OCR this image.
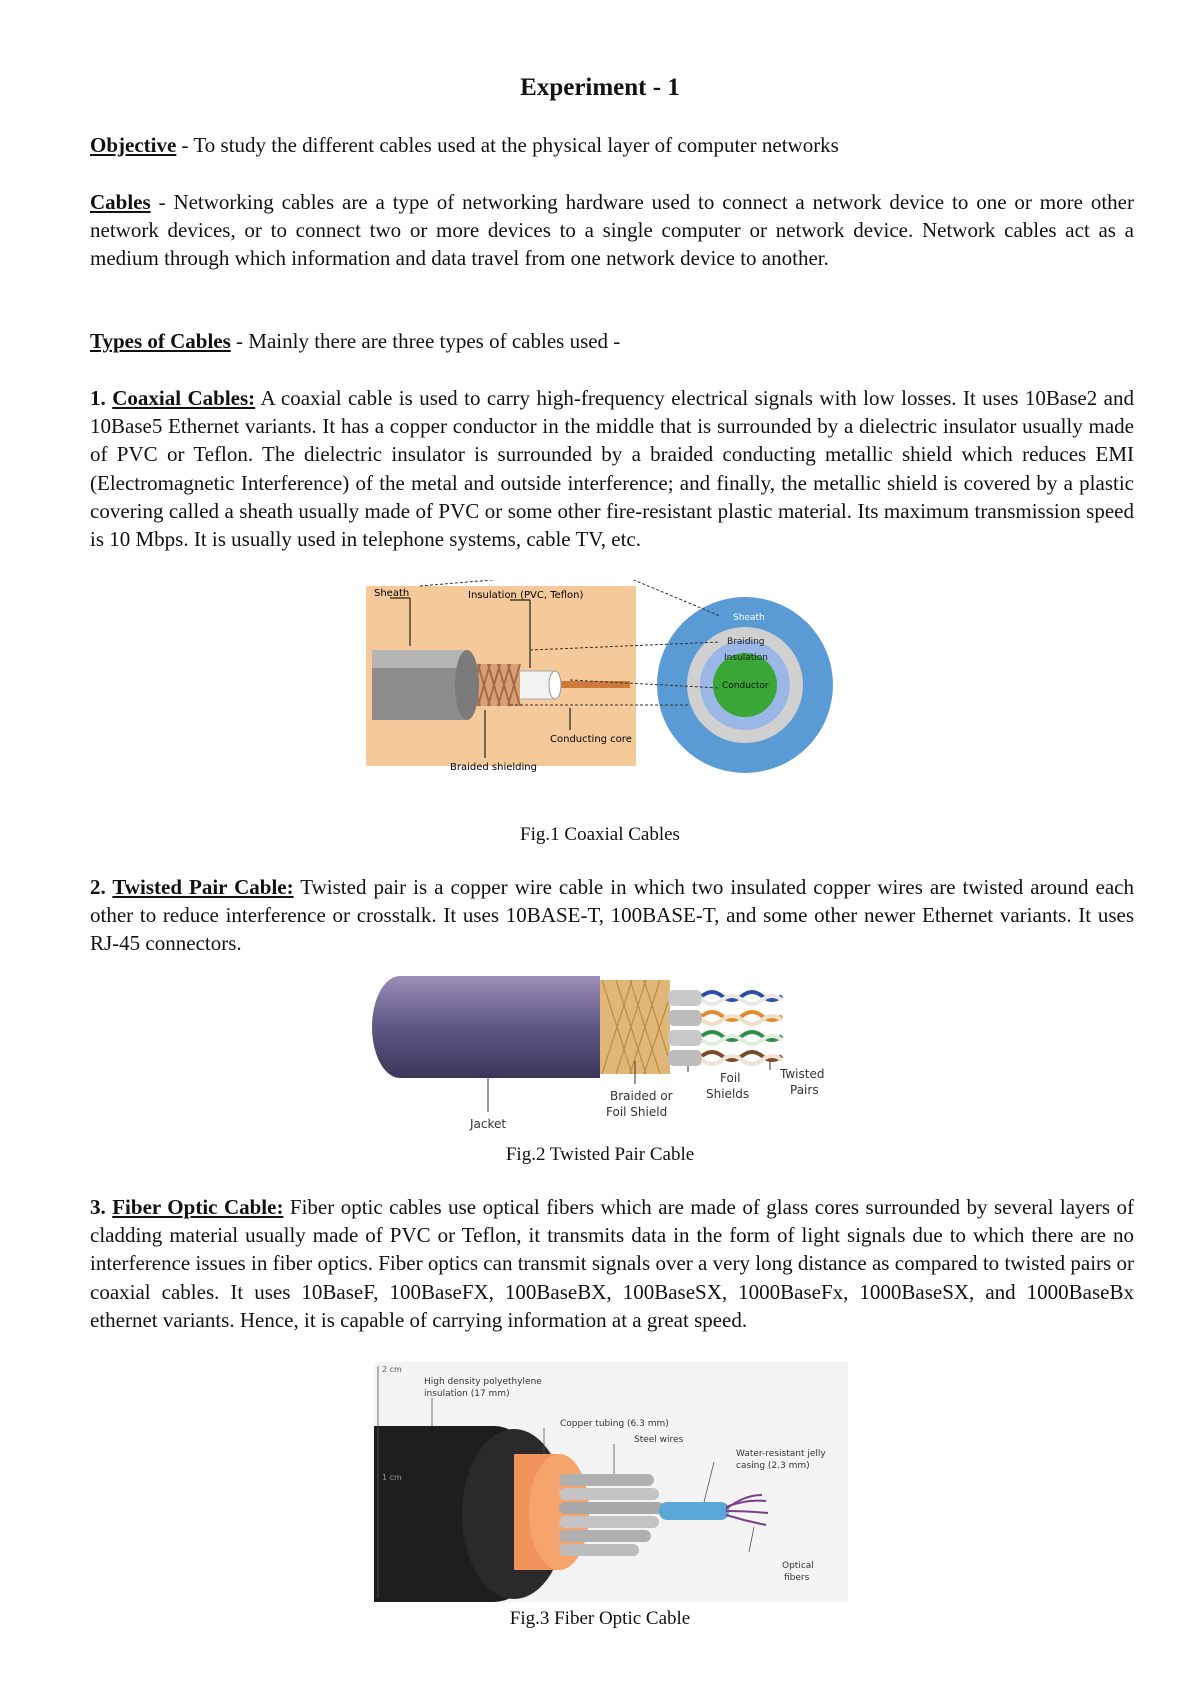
Experiment - 1
Objective - To study the different cables used at the physical layer of computer networks
Cables - Networking cables are a type of networking hardware used to connect a network device to one or more other network devices, or to connect two or more devices to a single computer or network device. Network cables act as a medium through which information and data travel from one network device to another.
Types of Cables - Mainly there are three types of cables used -
1. Coaxial Cables: A coaxial cable is used to carry high-frequency electrical signals with low losses. It uses 10Base2 and 10Base5 Ethernet variants. It has a copper conductor in the middle that is surrounded by a dielectric insulator usually made of PVC or Teflon. The dielectric insulator is surrounded by a braided conducting metallic shield which reduces EMI (Electromagnetic Interference) of the metal and outside interference; and finally, the metallic shield is covered by a plastic covering called a sheath usually made of PVC or some other fire-resistant plastic material. Its maximum transmission speed is 10 Mbps. It is usually used in telephone systems, cable TV, etc.
Sheath	Insulation (PVC, Teflon)
Conducting core
Braided shielding
Sheath
Braiding
Insulation
Conductor
Fig.1 Coaxial Cables
2. Twisted Pair Cable: Twisted pair is a copper wire cable in which two insulated copper wires are twisted around each other to reduce interference or crosstalk. It uses 10BASE-T, 100BASE-T, and some other newer Ethernet variants. It uses RJ-45 connectors.
Jacket
Braided or
Foil Shield
Foil
Shields
Twisted
Pairs
Fig.2 Twisted Pair Cable
3. Fiber Optic Cable: Fiber optic cables use optical fibers which are made of glass cores surrounded by several layers of cladding material usually made of PVC or Teflon, it transmits data in the form of light signals due to which there are no interference issues in fiber optics. Fiber optics can transmit signals over a very long distance as compared to twisted pairs or coaxial cables. It uses 10BaseF, 100BaseFX, 100BaseBX, 100BaseSX, 1000BaseFx, 1000BaseSX, and 1000BaseBx ethernet variants. Hence, it is capable of carrying information at a great speed.
2 cm
1 cm
High density polyethylene
insulation (17 mm)
Copper tubing (6.3 mm)
Steel wires
Water-resistant jelly
casing (2.3 mm)
Optical
fibers
Fig.3 Fiber Optic Cable
